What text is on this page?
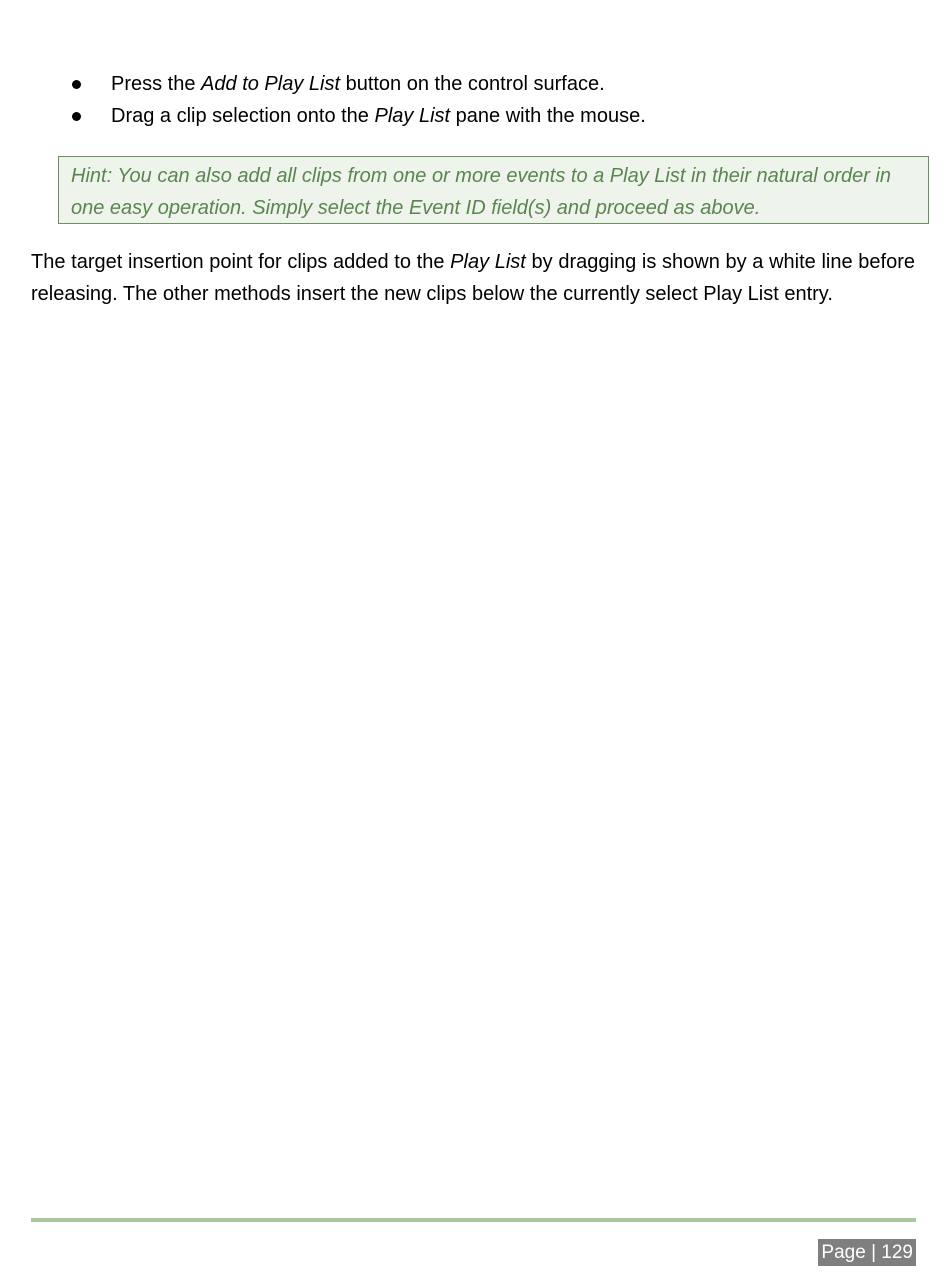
Press the Add to Play List button on the control surface.
Drag a clip selection onto the Play List pane with the mouse.
Hint: You can also add all clips from one or more events to a Play List in their natural order in one easy operation. Simply select the Event ID field(s) and proceed as above.

The target insertion point for clips added to the Play List by dragging is shown by a white line before releasing. The other methods insert the new clips below the currently select Play List entry.

Page | 129
